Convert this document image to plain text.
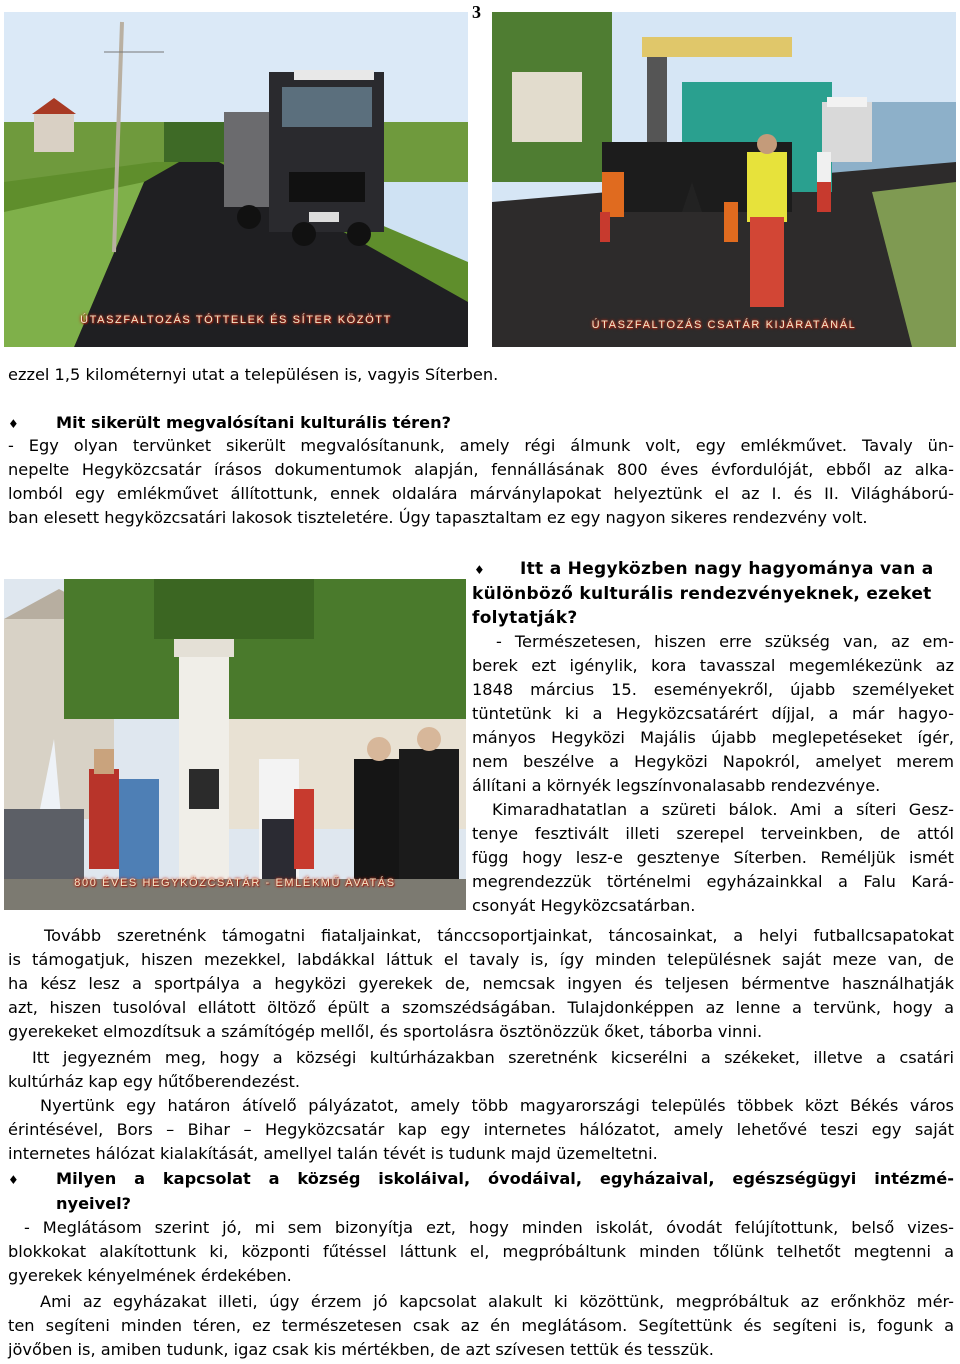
3
ÚTASZFALTOZÁS TÓTTELEK ÉS SÍTER KÖZÖTT	ÚTASZFALTOZÁS CSATÁR KIJÁRATÁNÁL
ezzel 1,5 kilométernyi utat a településen is, vagyis Síterben.
♦ Mit sikerült megvalósítani kulturális téren?
- Egy olyan tervünket sikerült megvalósítanunk, amely régi álmunk volt, egy emlékművet. Tavaly ün-
nepelte Hegyközcsatár írásos dokumentumok alapján, fennállásának 800 éves évfordulóját, ebből az alka-
lomból egy emlékművet állítottunk, ennek oldalára márványlapokat helyeztünk el az I. és II. Világháború-
ban elesett hegyközcsatári lakosok tiszteletére. Úgy tapasztaltam ez egy nagyon sikeres rendezvény volt.
800 ÉVES HEGYKÖZCSATÁR - EMLÉKMŰ AVATÁS
♦ Itt a Hegyközben nagy hagyománya van a
különböző kulturális rendezvényeknek, ezeket
folytatják?
- Természetesen, hiszen erre szükség van, az em-
berek ezt igénylik, kora tavasszal megemlékezünk az
1848 március 15. eseményekről, újabb személyeket
tüntetünk ki a Hegyközcsatárért díjjal, a már hagyo-
mányos Hegyközi Majális újabb meglepetéseket ígér,
nem beszélve a Hegyközi Napokról, amelyet merem
állítani a környék legszínvonalasabb rendezvénye.
Kimaradhatatlan a szüreti bálok. Ami a síteri Gesz-
tenye fesztivált illeti szerepel terveinkben, de attól
függ hogy lesz-e gesztenye Síterben. Reméljük ismét
megrendezzük történelmi egyházainkkal a Falu Kará-
csonyát Hegyközcsatárban.
Tovább szeretnénk támogatni fiataljainkat, tánccsoportjainkat, táncosainkat, a helyi futballcsapatokat
is támogatjuk, hiszen mezekkel, labdákkal láttuk el tavaly is, így minden településnek saját meze van, de
ha kész lesz a sportpálya a hegyközi gyerekek de, nemcsak ingyen és teljesen bérmentve használhatják
azt, hiszen tusolóval ellátott öltöző épült a szomszédságában. Tulajdonképpen az lenne a tervünk, hogy a
gyerekeket elmozdítsuk a számítógép mellől, és sportolásra ösztönözzük őket, táborba vinni.
Itt jegyezném meg, hogy a községi kultúrházakban szeretnénk kicserélni a székeket, illetve a csatári
kultúrház kap egy hűtőberendezést.
Nyertünk egy határon átívelő pályázatot, amely több magyarországi település többek közt Békés város
érintésével, Bors – Bihar – Hegyközcsatár kap egy internetes hálózatot, amely lehetővé teszi egy saját
internetes hálózat kialakítását, amellyel talán tévét is tudunk majd üzemeltetni.
♦ Milyen a kapcsolat a község iskoláival, óvodáival, egyházaival, egészségügyi intézmé-
nyeivel?
- Meglátásom szerint jó, mi sem bizonyítja ezt, hogy minden iskolát, óvodát felújítottunk, belső vizes-
blokkokat alakítottunk ki, központi fűtéssel láttunk el, megpróbáltunk minden tőlünk telhetőt megtenni a
gyerekek kényelmének érdekében.
Ami az egyházakat illeti, úgy érzem jó kapcsolat alakult ki közöttünk, megpróbáltuk az erőnkhöz mér-
ten segíteni minden téren, ez természetesen csak az én meglátásom. Segítettünk és segíteni is, fogunk a
jövőben is, amiben tudunk, igaz csak kis mértékben, de azt szívesen tettük és tesszük.
